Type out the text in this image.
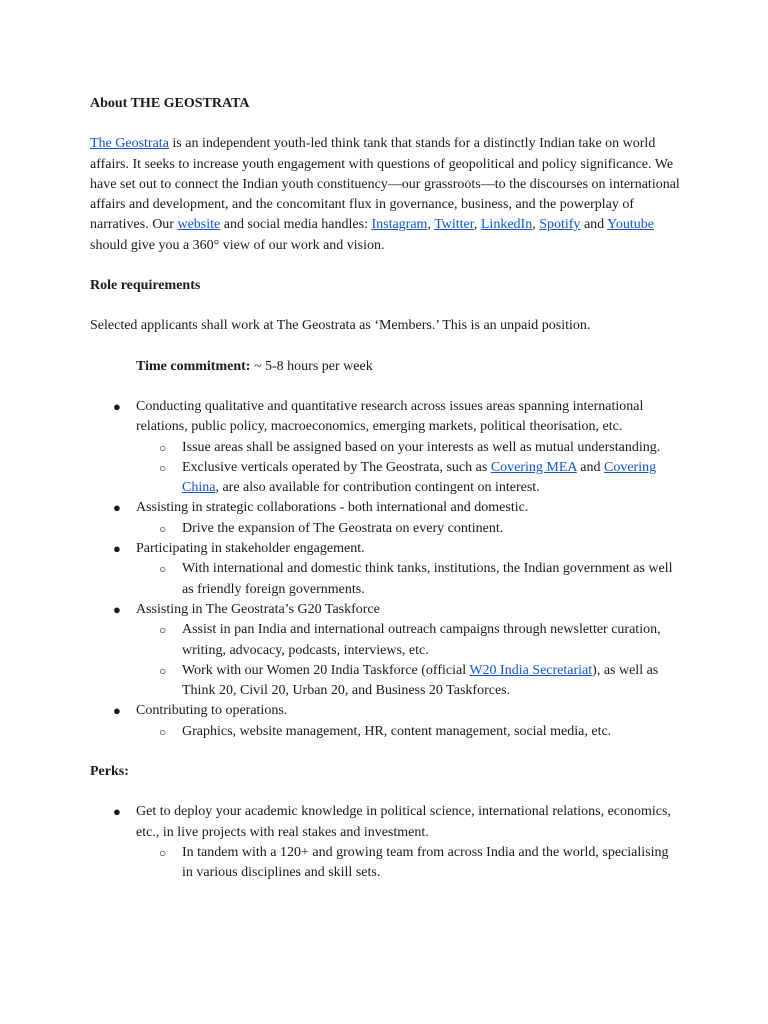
About THE GEOSTRATA

The Geostrata is an independent youth-led think tank that stands for a distinctly Indian take on world affairs. It seeks to increase youth engagement with questions of geopolitical and policy significance. We have set out to connect the Indian youth constituency—our grassroots—to the discourses on international affairs and development, and the concomitant flux in governance, business, and the powerplay of narratives. Our website and social media handles: Instagram, Twitter, LinkedIn, Spotify and Youtube should give you a 360° view of our work and vision.

Role requirements

Selected applicants shall work at The Geostrata as ‘Members.’ This is an unpaid position.

Time commitment: ~ 5-8 hours per week

● Conducting qualitative and quantitative research across issues areas spanning international relations, public policy, macroeconomics, emerging markets, political theorisation, etc.
○ Issue areas shall be assigned based on your interests as well as mutual understanding.
○ Exclusive verticals operated by The Geostrata, such as Covering MEA and Covering China, are also available for contribution contingent on interest.
● Assisting in strategic collaborations - both international and domestic.
○ Drive the expansion of The Geostrata on every continent.
● Participating in stakeholder engagement.
○ With international and domestic think tanks, institutions, the Indian government as well as friendly foreign governments.
● Assisting in The Geostrata’s G20 Taskforce
○ Assist in pan India and international outreach campaigns through newsletter curation, writing, advocacy, podcasts, interviews, etc.
○ Work with our Women 20 India Taskforce (official W20 India Secretariat), as well as Think 20, Civil 20, Urban 20, and Business 20 Taskforces.
● Contributing to operations.
○ Graphics, website management, HR, content management, social media, etc.

Perks:

● Get to deploy your academic knowledge in political science, international relations, economics, etc., in live projects with real stakes and investment.
○ In tandem with a 120+ and growing team from across India and the world, specialising in various disciplines and skill sets.
